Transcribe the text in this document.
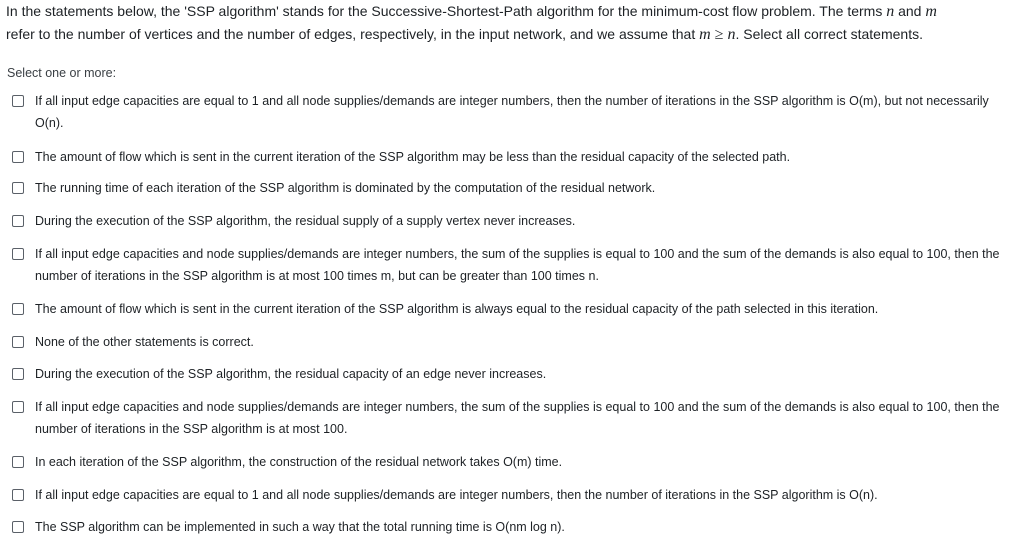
In the statements below, the 'SSP algorithm' stands for the Successive-Shortest-Path algorithm for the minimum-cost flow problem. The terms n and m
refer to the number of vertices and the number of edges, respectively, in the input network, and we assume that m ≥ n. Select all correct statements.
Select one or more:
If all input edge capacities are equal to 1 and all node supplies/demands are integer numbers, then the number of iterations in the SSP algorithm is O(m), but not necessarily O(n).
The amount of flow which is sent in the current iteration of the SSP algorithm may be less than the residual capacity of the selected path.
The running time of each iteration of the SSP algorithm is dominated by the computation of the residual network.
During the execution of the SSP algorithm, the residual supply of a supply vertex never increases.
If all input edge capacities and node supplies/demands are integer numbers, the sum of the supplies is equal to 100 and the sum of the demands is also equal to 100, then the number of iterations in the SSP algorithm is at most 100 times m, but can be greater than 100 times n.
The amount of flow which is sent in the current iteration of the SSP algorithm is always equal to the residual capacity of the path selected in this iteration.
None of the other statements is correct.
During the execution of the SSP algorithm, the residual capacity of an edge never increases.
If all input edge capacities and node supplies/demands are integer numbers, the sum of the supplies is equal to 100 and the sum of the demands is also equal to 100, then the number of iterations in the SSP algorithm is at most 100.
In each iteration of the SSP algorithm, the construction of the residual network takes O(m) time.
If all input edge capacities are equal to 1 and all node supplies/demands are integer numbers, then the number of iterations in the SSP algorithm is O(n).
The SSP algorithm can be implemented in such a way that the total running time is O(nm log n).
